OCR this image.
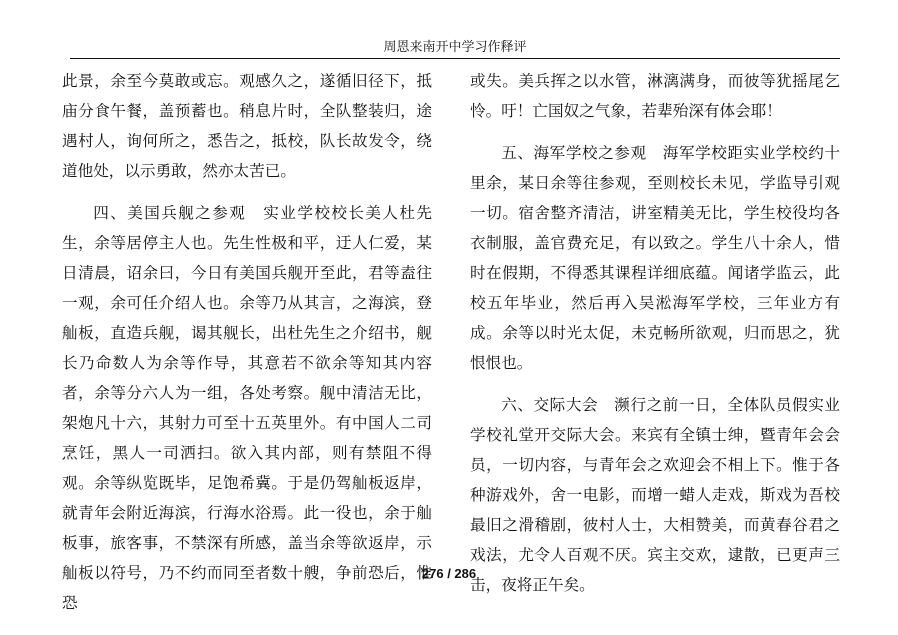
周恩来南开中学习作释评

此景，余至今莫敢或忘。观感久之，遂循旧径下，抵庙分食午餐，盖预蓄也。稍息片时，全队整装归，途遇村人，询何所之，悉告之，抵校，队长故发令，绕道他处，以示勇敢，然亦太苦已。

四、美国兵舰之参观　实业学校校长美人杜先生，余等居停主人也。先生性极和平，迂人仁爱，某日清晨，诏余曰，今日有美国兵舰开至此，君等盍往一观，余可任介绍人也。余等乃从其言，之海滨，登舢板，直造兵舰，谒其舰长，出杜先生之介绍书，舰长乃命数人为余等作导，其意若不欲余等知其内容者，余等分六人为一组，各处考察。舰中清洁无比，架炮凡十六，其射力可至十五英里外。有中国人二司烹饪，黑人一司洒扫。欲入其内部，则有禁阻不得观。余等纵览既毕，足饱希冀。于是仍驾舢板返岸，就青年会附近海滨，行海水浴焉。此一役也，余于舢板事，旅客事，不禁深有所感，盖当余等欲返岸，示舢板以符号，乃不约而同至者数十艘，争前恐后，惟恐

或失。美兵挥之以水管，淋漓满身，而彼等犹摇尾乞怜。吁！亡国奴之气象，若辈殆深有体会耶！

五、海军学校之参观　海军学校距实业学校约十里余，某日余等往参观，至则校长未见，学监导引观一切。宿舍整齐清洁，讲室精美无比，学生校役均各衣制服，盖官费充足，有以致之。学生八十余人，惜时在假期，不得悉其课程详细底蕴。闻诸学监云，此校五年毕业，然后再入吴淞海军学校，三年业方有成。余等以时光太促，未克畅所欲观，归而思之，犹恨恨也。

六、交际大会　濒行之前一日，全体队员假实业学校礼堂开交际大会。来宾有全镇士绅，暨青年会会员，一切内容，与青年会之欢迎会不相上下。惟于各种游戏外，舍一电影，而增一蜡人走戏，斯戏为吾校最旧之滑稽剧，彼村人士，大相赞美，而黄春谷君之戏法，尤令人百观不厌。宾主交欢，逮散，已更声三击，夜将正午矣。

276 / 286
